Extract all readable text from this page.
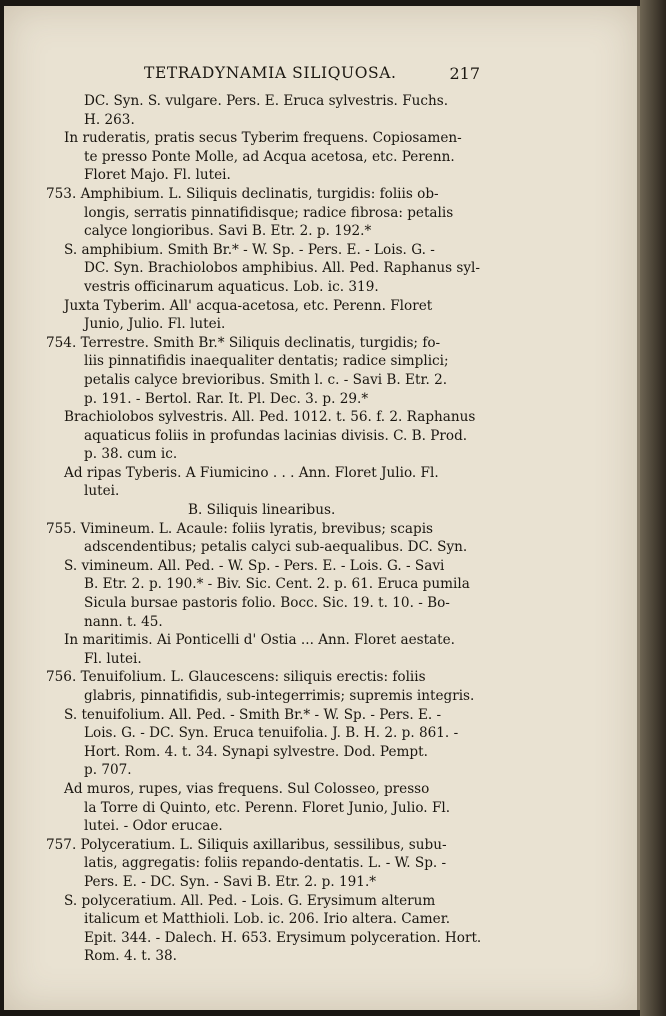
TETRADYNAMIA SILIQUOSA.	217
DC. Syn. S. vulgare. Pers. E. Eruca sylvestris. Fuchs.
H. 263.
In ruderatis, pratis secus Tyberim frequens. Copiosamen-
te presso Ponte Molle, ad Acqua acetosa, etc. Perenn.
Floret Majo. Fl. lutei.
753. Amphibium. L. Siliquis declinatis, turgidis: foliis ob-
longis, serratis pinnatifidisque; radice fibrosa: petalis
calyce longioribus. Savi B. Etr. 2. p. 192.*
S. amphibium. Smith Br.* - W. Sp. - Pers. E. - Lois. G. -
DC. Syn. Brachiolobos amphibius. All. Ped. Raphanus syl-
vestris officinarum aquaticus. Lob. ic. 319.
Juxta Tyberim. All' acqua-acetosa, etc. Perenn. Floret
Junio, Julio. Fl. lutei.
754. Terrestre. Smith Br.* Siliquis declinatis, turgidis; fo-
liis pinnatifidis inaequaliter dentatis; radice simplici;
petalis calyce brevioribus. Smith l. c. - Savi B. Etr. 2.
p. 191. - Bertol. Rar. It. Pl. Dec. 3. p. 29.*
Brachiolobos sylvestris. All. Ped. 1012. t. 56. f. 2. Raphanus
aquaticus foliis in profundas lacinias divisis. C. B. Prod.
p. 38. cum ic.
Ad ripas Tyberis. A Fiumicino . . . Ann. Floret Julio. Fl.
lutei.
B. Siliquis linearibus.
755. Vimineum. L. Acaule: foliis lyratis, brevibus; scapis
adscendentibus; petalis calyci sub-aequalibus. DC. Syn.
S. vimineum. All. Ped. - W. Sp. - Pers. E. - Lois. G. - Savi
B. Etr. 2. p. 190.* - Biv. Sic. Cent. 2. p. 61. Eruca pumila
Sicula bursae pastoris folio. Bocc. Sic. 19. t. 10. - Bo-
nann. t. 45.
In maritimis. Ai Ponticelli d' Ostia ... Ann. Floret aestate.
Fl. lutei.
756. Tenuifolium. L. Glaucescens: siliquis erectis: foliis
glabris, pinnatifidis, sub-integerrimis; supremis integris.
S. tenuifolium. All. Ped. - Smith Br.* - W. Sp. - Pers. E. -
Lois. G. - DC. Syn. Eruca tenuifolia. J. B. H. 2. p. 861. -
Hort. Rom. 4. t. 34. Synapi sylvestre. Dod. Pempt.
p. 707.
Ad muros, rupes, vias frequens. Sul Colosseo, presso
la Torre di Quinto, etc. Perenn. Floret Junio, Julio. Fl.
lutei. - Odor erucae.
757. Polyceratium. L. Siliquis axillaribus, sessilibus, subu-
latis, aggregatis: foliis repando-dentatis. L. - W. Sp. -
Pers. E. - DC. Syn. - Savi B. Etr. 2. p. 191.*
S. polyceratium. All. Ped. - Lois. G. Erysimum alterum
italicum et Matthioli. Lob. ic. 206. Irio altera. Camer.
Epit. 344. - Dalech. H. 653. Erysimum polyceration. Hort.
Rom. 4. t. 38.
